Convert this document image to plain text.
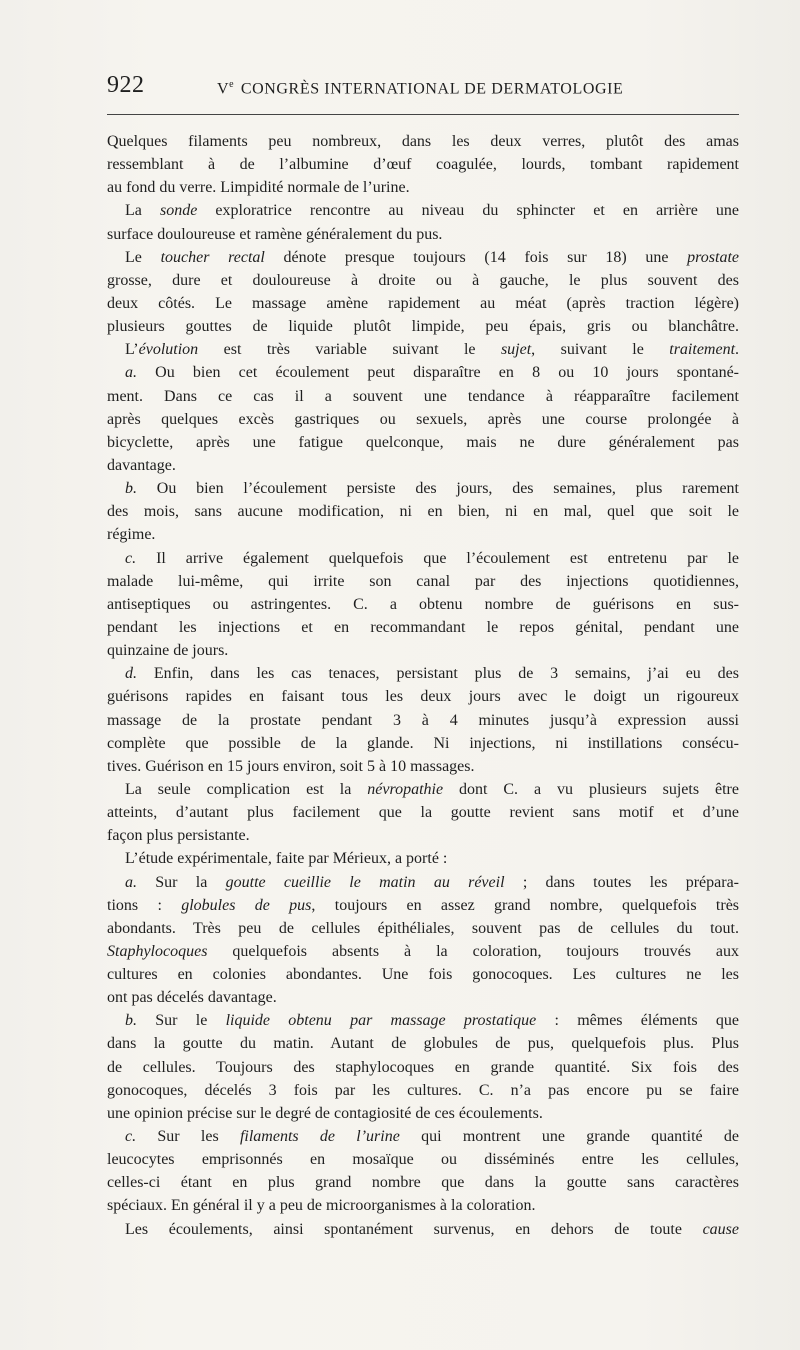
922	Ve CONGRÈS INTERNATIONAL DE DERMATOLOGIE
Quelques filaments peu nombreux, dans les deux verres, plutôt des amas
ressemblant à de l’albumine d’œuf coagulée, lourds, tombant rapidement
au fond du verre. Limpidité normale de l’urine.
La sonde exploratrice rencontre au niveau du sphincter et en arrière une
surface douloureuse et ramène généralement du pus.
Le toucher rectal dénote presque toujours (14 fois sur 18) une prostate
grosse, dure et douloureuse à droite ou à gauche, le plus souvent des
deux côtés. Le massage amène rapidement au méat (après traction légère)
plusieurs gouttes de liquide plutôt limpide, peu épais, gris ou blanchâtre.
L’évolution est très variable suivant le sujet, suivant le traitement.
a. Ou bien cet écoulement peut disparaître en 8 ou 10 jours spontané-
ment. Dans ce cas il a souvent une tendance à réapparaître facilement
après quelques excès gastriques ou sexuels, après une course prolongée à
bicyclette, après une fatigue quelconque, mais ne dure généralement pas
davantage.
b. Ou bien l’écoulement persiste des jours, des semaines, plus rarement
des mois, sans aucune modification, ni en bien, ni en mal, quel que soit le
régime.
c. Il arrive également quelquefois que l’écoulement est entretenu par le
malade lui-même, qui irrite son canal par des injections quotidiennes,
antiseptiques ou astringentes. C. a obtenu nombre de guérisons en sus-
pendant les injections et en recommandant le repos génital, pendant une
quinzaine de jours.
d. Enfin, dans les cas tenaces, persistant plus de 3 semains, j’ai eu des
guérisons rapides en faisant tous les deux jours avec le doigt un rigoureux
massage de la prostate pendant 3 à 4 minutes jusqu’à expression aussi
complète que possible de la glande. Ni injections, ni instillations consécu-
tives. Guérison en 15 jours environ, soit 5 à 10 massages.
La seule complication est la névropathie dont C. a vu plusieurs sujets être
atteints, d’autant plus facilement que la goutte revient sans motif et d’une
façon plus persistante.
L’étude expérimentale, faite par Mérieux, a porté :
a. Sur la goutte cueillie le matin au réveil ; dans toutes les prépara-
tions : globules de pus, toujours en assez grand nombre, quelquefois très
abondants. Très peu de cellules épithéliales, souvent pas de cellules du tout.
Staphylocoques quelquefois absents à la coloration, toujours trouvés aux
cultures en colonies abondantes. Une fois gonocoques. Les cultures ne les
ont pas décelés davantage.
b. Sur le liquide obtenu par massage prostatique : mêmes éléments que
dans la goutte du matin. Autant de globules de pus, quelquefois plus. Plus
de cellules. Toujours des staphylocoques en grande quantité. Six fois des
gonocoques, décelés 3 fois par les cultures. C. n’a pas encore pu se faire
une opinion précise sur le degré de contagiosité de ces écoulements.
c. Sur les filaments de l’urine qui montrent une grande quantité de
leucocytes emprisonnés en mosaïque ou disséminés entre les cellules,
celles-ci étant en plus grand nombre que dans la goutte sans caractères
spéciaux. En général il y a peu de microorganismes à la coloration.
Les écoulements, ainsi spontanément survenus, en dehors de toute cause
